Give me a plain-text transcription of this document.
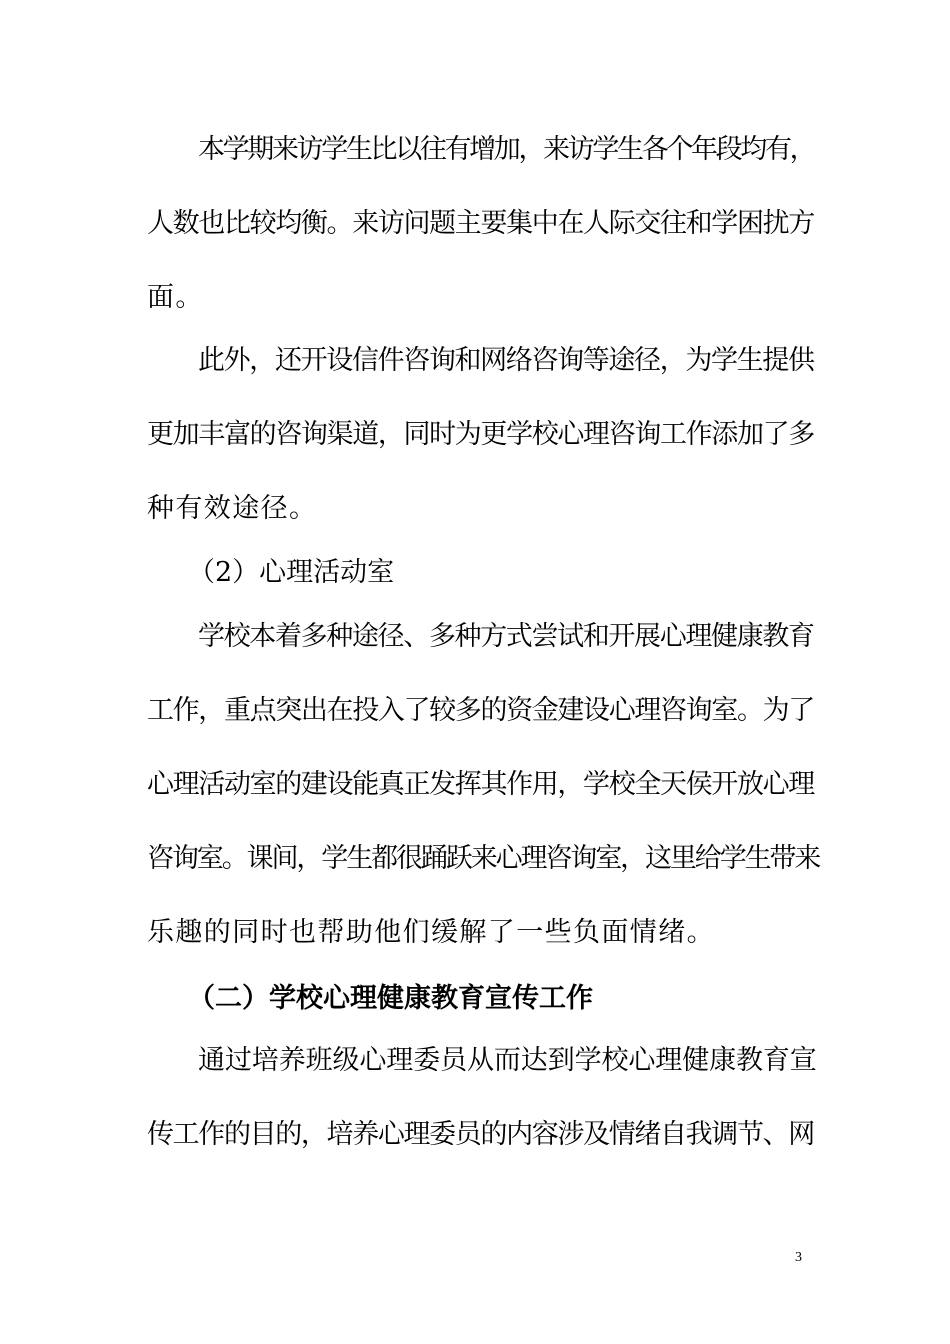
本学期来访学生比以往有增加，来访学生各个年段均有，
人数也比较均衡。来访问题主要集中在人际交往和学困扰方
面。
此外，还开设信件咨询和网络咨询等途径，为学生提供
更加丰富的咨询渠道，同时为更学校心理咨询工作添加了多
种有效途径。
（2）心理活动室
学校本着多种途径、多种方式尝试和开展心理健康教育
工作，重点突出在投入了较多的资金建设心理咨询室。为了
心理活动室的建设能真正发挥其作用，学校全天侯开放心理
咨询室。课间，学生都很踊跃来心理咨询室，这里给学生带来
乐趣的同时也帮助他们缓解了一些负面情绪。
（二）学校心理健康教育宣传工作
通过培养班级心理委员从而达到学校心理健康教育宣
传工作的目的，培养心理委员的内容涉及情绪自我调节、网
3
